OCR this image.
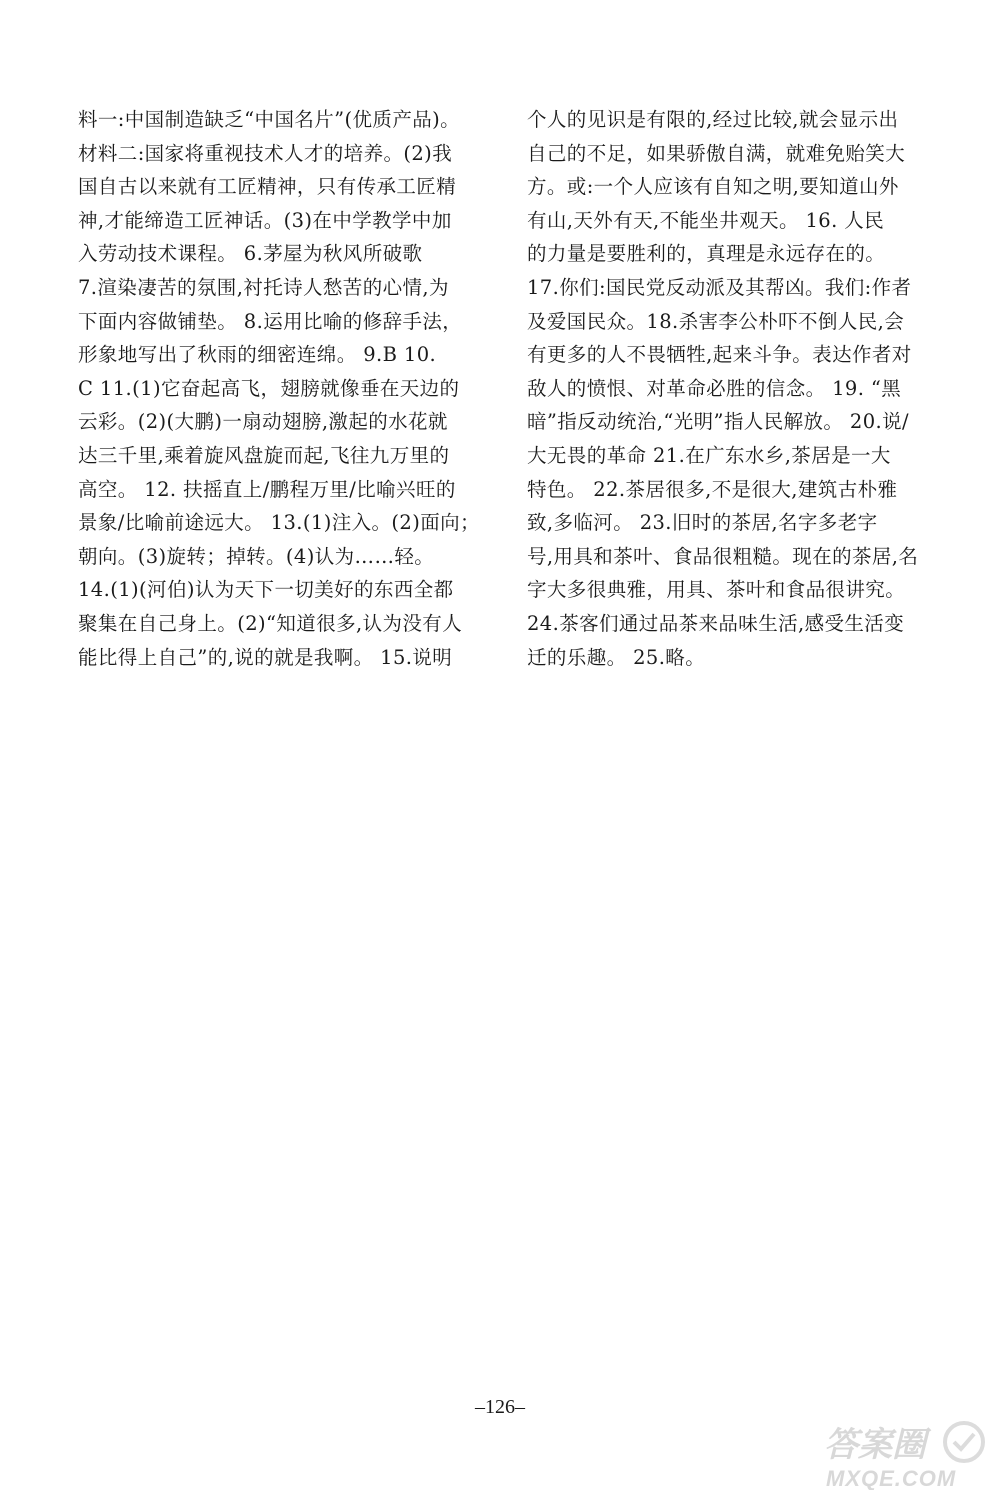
料一:中国制造缺乏“中国名片”(优质产品)。
材料二:国家将重视技术人才的培养。(2)我
国自古以来就有工匠精神，只有传承工匠精
神,才能缔造工匠神话。(3)在中学教学中加
入劳动技术课程。 6.茅屋为秋风所破歌
7.渲染凄苦的氛围,衬托诗人愁苦的心情,为
下面内容做铺垫。 8.运用比喻的修辞手法，
形象地写出了秋雨的细密连绵。 9.B 10.
C 11.(1)它奋起高飞，翅膀就像垂在天边的
云彩。(2)(大鹏)一扇动翅膀,激起的水花就
达三千里,乘着旋风盘旋而起,飞往九万里的
高空。 12. 扶摇直上/鹏程万里/比喻兴旺的
景象/比喻前途远大。 13.(1)注入。(2)面向；
朝向。(3)旋转；掉转。(4)认为……轻。
14.(1)(河伯)认为天下一切美好的东西全都
聚集在自己身上。(2)“知道很多,认为没有人
能比得上自己”的,说的就是我啊。 15.说明
个人的见识是有限的,经过比较,就会显示出
自己的不足，如果骄傲自满，就难免贻笑大
方。或:一个人应该有自知之明,要知道山外
有山,天外有天,不能坐井观天。 16. 人民
的力量是要胜利的，真理是永远存在的。
17.你们:国民党反动派及其帮凶。我们:作者
及爱国民众。18.杀害李公朴吓不倒人民,会
有更多的人不畏牺牲,起来斗争。表达作者对
敌人的愤恨、对革命必胜的信念。 19. “黑
暗”指反动统治,“光明”指人民解放。 20.说/
大无畏的革命 21.在广东水乡,茶居是一大
特色。 22.茶居很多,不是很大,建筑古朴雅
致,多临河。 23.旧时的茶居,名字多老字
号,用具和茶叶、食品很粗糙。现在的茶居,名
字大多很典雅，用具、茶叶和食品很讲究。
24.茶客们通过品茶来品味生活,感受生活变
迁的乐趣。 25.略。
–126–
答案圈
MXQE.COM
